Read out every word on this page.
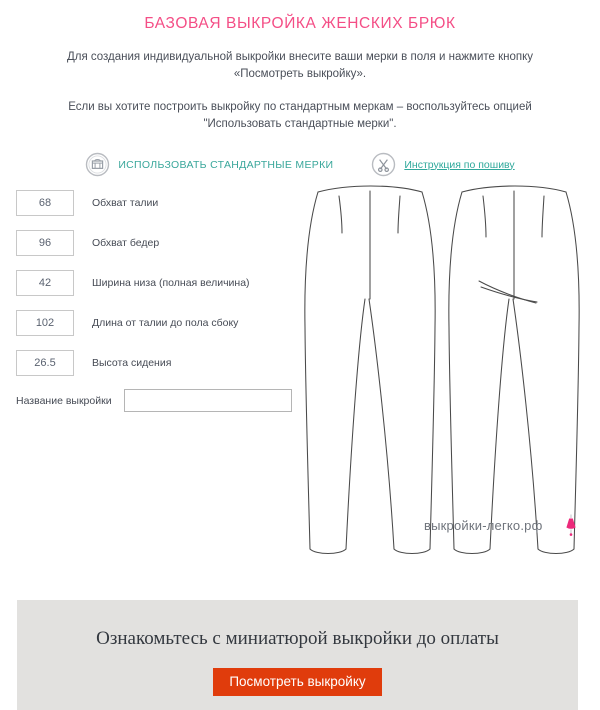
БАЗОВАЯ ВЫКРОЙКА ЖЕНСКИХ БРЮК

Для создания индивидуальной выкройки внесите ваши мерки в поля и нажмите кнопку «Посмотреть выкройку».

Если вы хотите построить выкройку по стандартным меркам – воспользуйтесь опцией "Использовать стандартные мерки".

ИСПОЛЬЗОВАТЬ СТАНДАРТНЫЕ МЕРКИ	Инструкция по пошиву
68
Обхват талии
96
Обхват бедер
42
Ширина низа (полная величина)
102
Длина от талии до пола сбоку
26.5
Высота сидения
Название выкройки
выкройки-легко.рф

Ознакомьтесь с миниатюрой выкройки до оплаты

Посмотреть выкройку
